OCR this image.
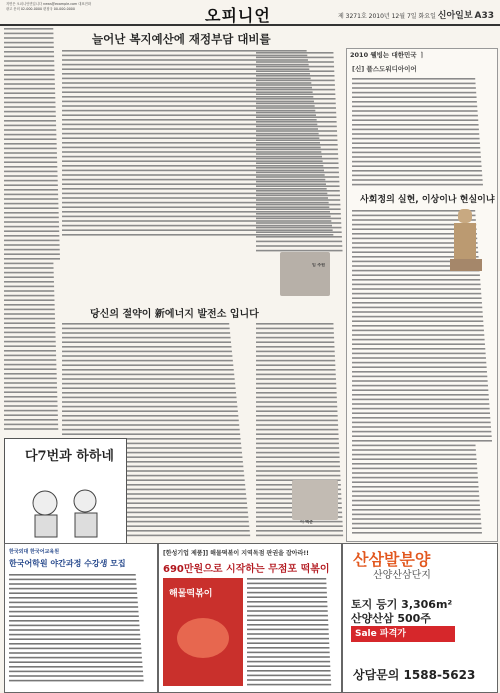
지면은 오피니언면입니다 news@example.com 대표전화
광고 문의 02-000-0000 편집국 00-000-0000	오피니언	제 3271호 2010년 12월 7일 화요일 신아일보 A33
늘어난 복지예산에 재정부담 대비를
당신의 절약이 新에너지 발전소 입니다
임 주원
이 백준
2010 웰빙는 대한민국 ㅣ
[신] 플스도워디아이어
사회정의 실현, 이상이나 현실이냐
다7번과 하하네
한국외대 한국어교육원
한국어학원 야간과정 수강생 모집
[한성기업 제품]] 해물떡볶이 지역독점 판권을 잡아라!!
690만원으로 시작하는 무점포 떡볶이
해물떡볶이
산삼발분양
산양산삼단지
토지 등기 3,306m²
산양산삼 500주
Sale 파격가
상담문의 1588-5623
